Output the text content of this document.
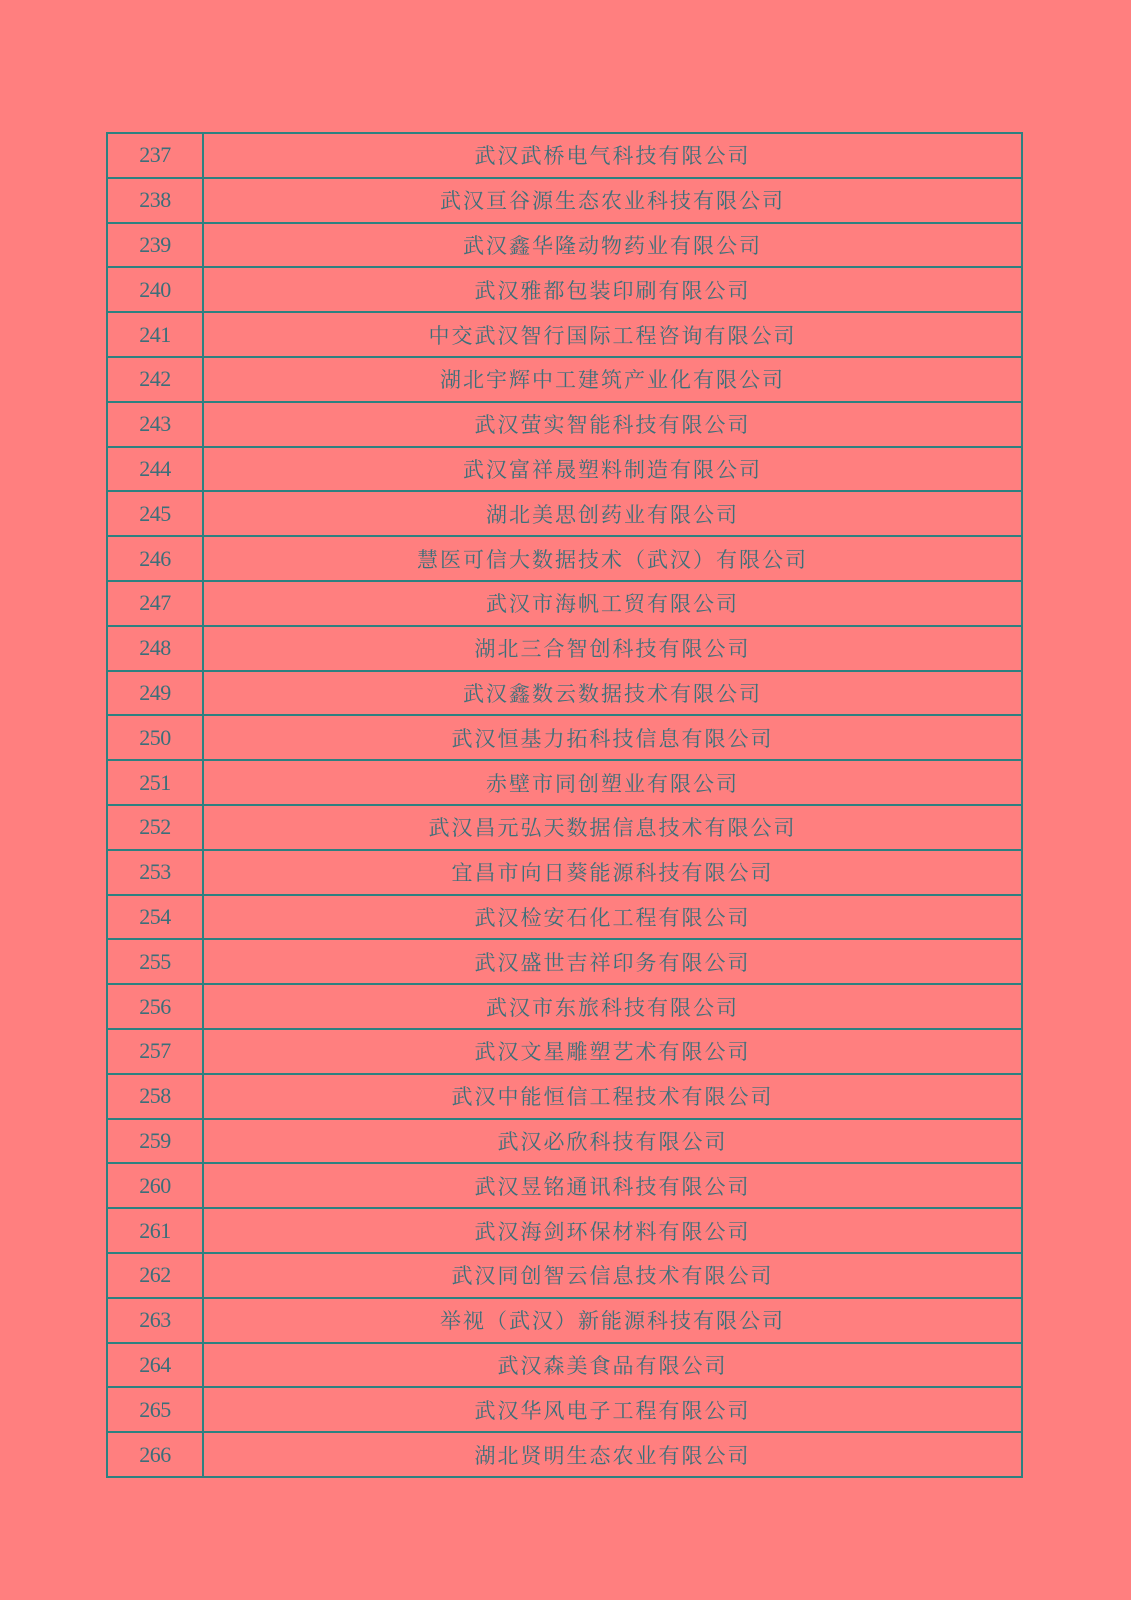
237	武汉武桥电气科技有限公司
238	武汉亘谷源生态农业科技有限公司
239	武汉鑫华隆动物药业有限公司
240	武汉雅都包装印刷有限公司
241	中交武汉智行国际工程咨询有限公司
242	湖北宇辉中工建筑产业化有限公司
243	武汉萤实智能科技有限公司
244	武汉富祥晟塑料制造有限公司
245	湖北美思创药业有限公司
246	慧医可信大数据技术（武汉）有限公司
247	武汉市海帆工贸有限公司
248	湖北三合智创科技有限公司
249	武汉鑫数云数据技术有限公司
250	武汉恒基力拓科技信息有限公司
251	赤壁市同创塑业有限公司
252	武汉昌元弘天数据信息技术有限公司
253	宜昌市向日葵能源科技有限公司
254	武汉检安石化工程有限公司
255	武汉盛世吉祥印务有限公司
256	武汉市东旅科技有限公司
257	武汉文星雕塑艺术有限公司
258	武汉中能恒信工程技术有限公司
259	武汉必欣科技有限公司
260	武汉昱铭通讯科技有限公司
261	武汉海剑环保材料有限公司
262	武汉同创智云信息技术有限公司
263	举视（武汉）新能源科技有限公司
264	武汉森美食品有限公司
265	武汉华风电子工程有限公司
266	湖北贤明生态农业有限公司
